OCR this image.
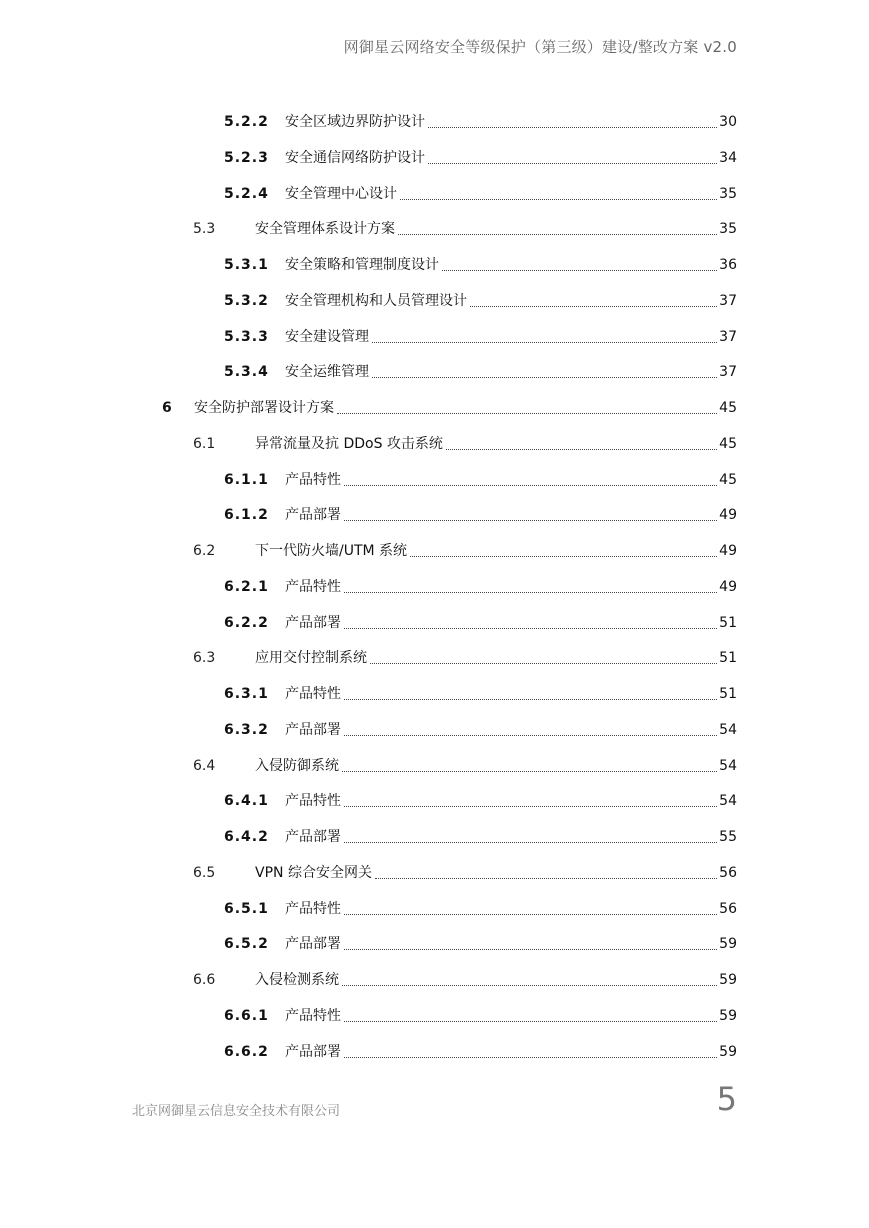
网御星云网络安全等级保护（第三级）建设/整改方案 v2.0
5.2.2 安全区域边界防护设计	30
5.2.3 安全通信网络防护设计	34
5.2.4 安全管理中心设计	35
5.3	安全管理体系设计方案	35
5.3.1 安全策略和管理制度设计	36
5.3.2 安全管理机构和人员管理设计	37
5.3.3 安全建设管理	37
5.3.4 安全运维管理	37
6 安全防护部署设计方案	45
6.1	异常流量及抗 DDoS 攻击系统	45
6.1.1 产品特性	45
6.1.2 产品部署	49
6.2	下一代防火墙/UTM 系统	49
6.2.1 产品特性	49
6.2.2 产品部署	51
6.3	应用交付控制系统	51
6.3.1 产品特性	51
6.3.2 产品部署	54
6.4	入侵防御系统	54
6.4.1 产品特性	54
6.4.2 产品部署	55
6.5	VPN 综合安全网关	56
6.5.1 产品特性	56
6.5.2 产品部署	59
6.6	入侵检测系统	59
6.6.1 产品特性	59
6.6.2 产品部署	59
北京网御星云信息安全技术有限公司	5
